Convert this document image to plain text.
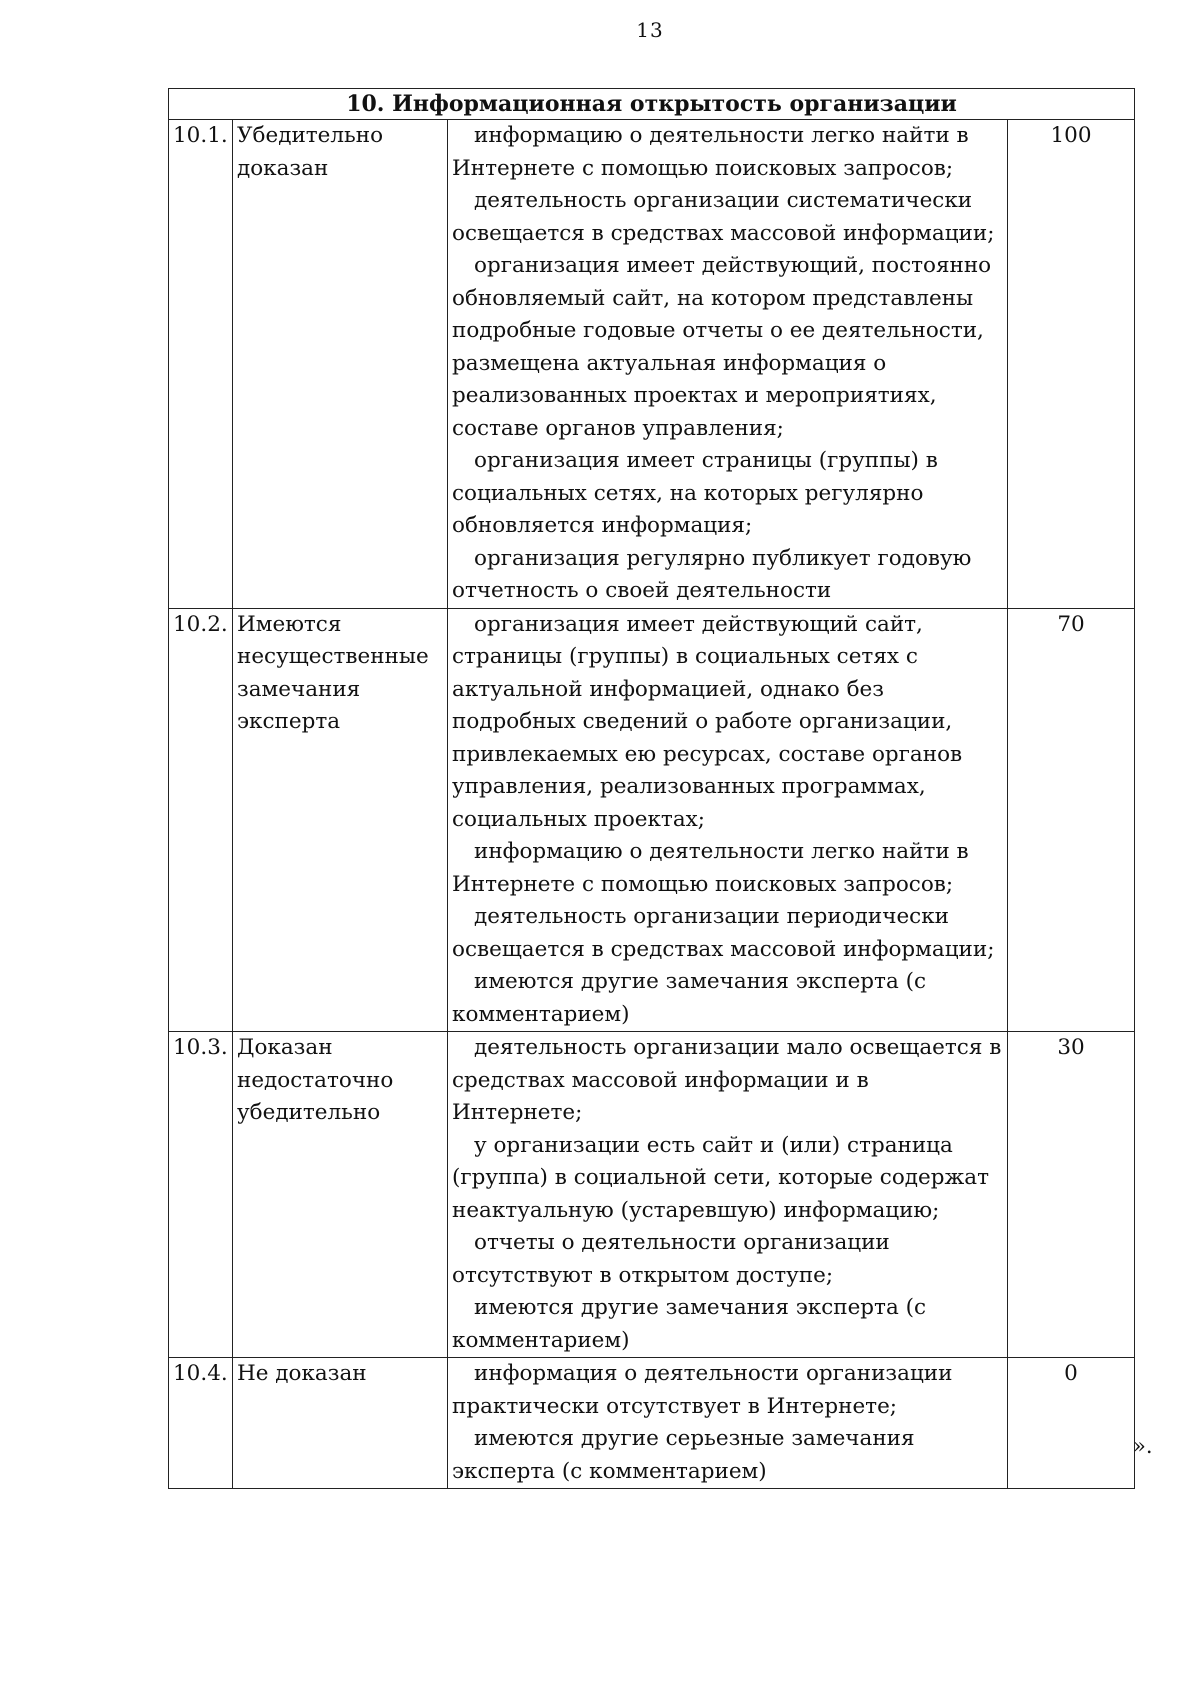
13
10. Информационная открытость организации			
10.1.	Убедительно доказан	информацию о деятельности легко найти в Интернете с помощью поисковых запросов;
деятельность организации систематически освещается в средствах массовой информации;
организация имеет действующий, постоянно обновляемый сайт, на котором представлены подробные годовые отчеты о ее деятельности, размещена актуальная информация о реализованных проектах и мероприятиях, составе органов управления;
организация имеет страницы (группы) в социальных сетях, на которых регулярно обновляется информация;
организация регулярно публикует годовую отчетность о своей деятельности	100
10.2.	Имеются несущественные замечания эксперта	организация имеет действующий сайт, страницы (группы) в социальных сетях с актуальной информацией, однако без подробных сведений о работе организации, привлекаемых ею ресурсах, составе органов управления, реализованных программах, социальных проектах;
информацию о деятельности легко найти в Интернете с помощью поисковых запросов;
деятельность организации периодически освещается в средствах массовой информации;
имеются другие замечания эксперта (с комментарием)	70
10.3.	Доказан недостаточно убедительно	деятельность организации мало освещается в средствах массовой информации и в Интернете;
у организации есть сайт и (или) страница (группа) в социальной сети, которые содержат неактуальную (устаревшую) информацию;
отчеты о деятельности организации отсутствуют в открытом доступе;
имеются другие замечания эксперта (с комментарием)	30
10.4.	Не доказан	информация о деятельности организации практически отсутствует в Интернете;
имеются другие серьезные замечания эксперта (с комментарием)	0
».
